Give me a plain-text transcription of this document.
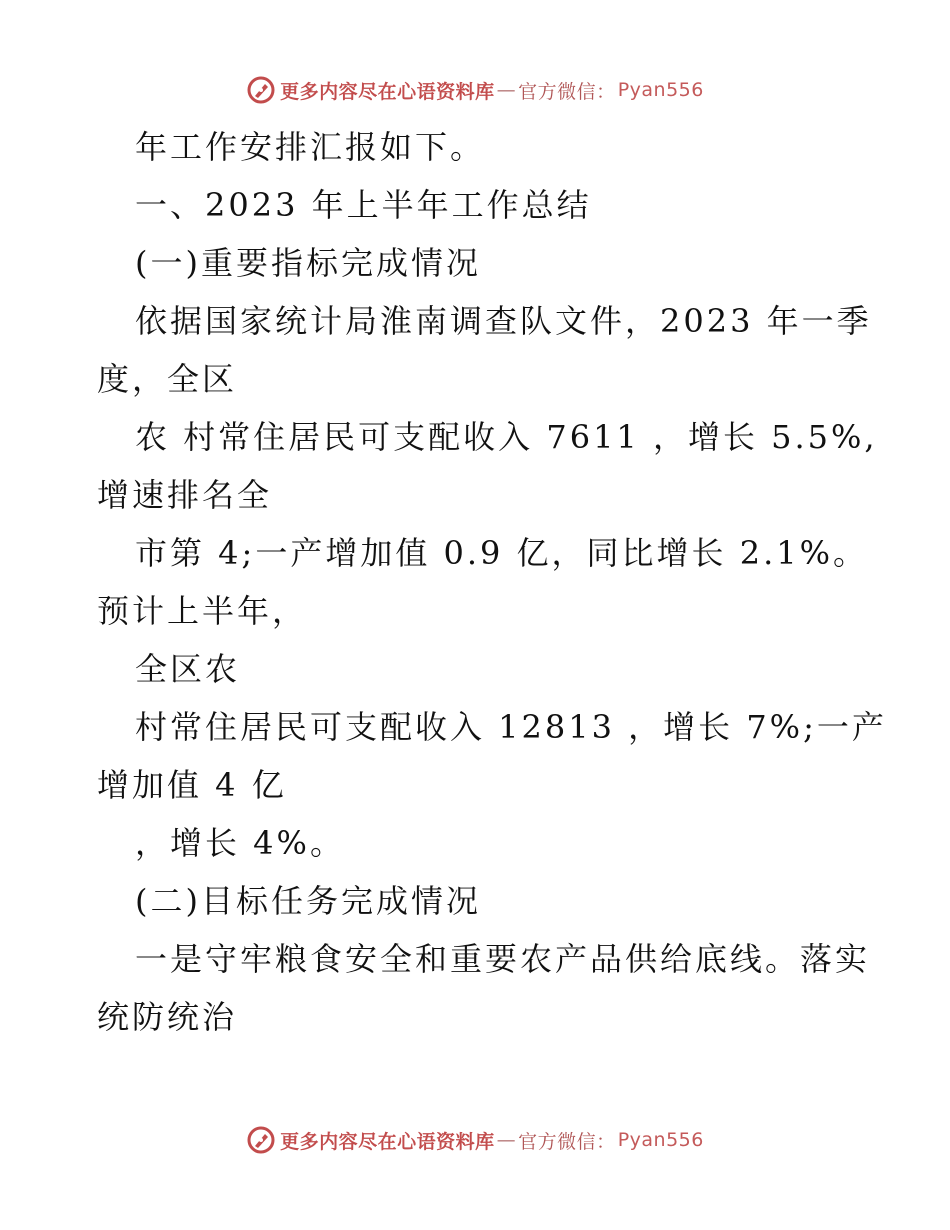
更多内容尽在心语资料库 — 官方微信： Pyan556
年工作安排汇报如下。
一、2023 年上半年工作总结
(一)重要指标完成情况
依据国家统计局淮南调查队文件，2023 年一季
度，全区
农 村常住居民可支配收入 7611 ，增长 5.5%,
增速排名全
市第 4;一产增加值 0.9 亿，同比增长 2.1%。
预计上半年，
全区农
村常住居民可支配收入 12813 ，增长 7%;一产
增加值 4 亿
，增长 4%。
(二)目标任务完成情况
一是守牢粮食安全和重要农产品供给底线。落实
统防统治
更多内容尽在心语资料库 — 官方微信： Pyan556
